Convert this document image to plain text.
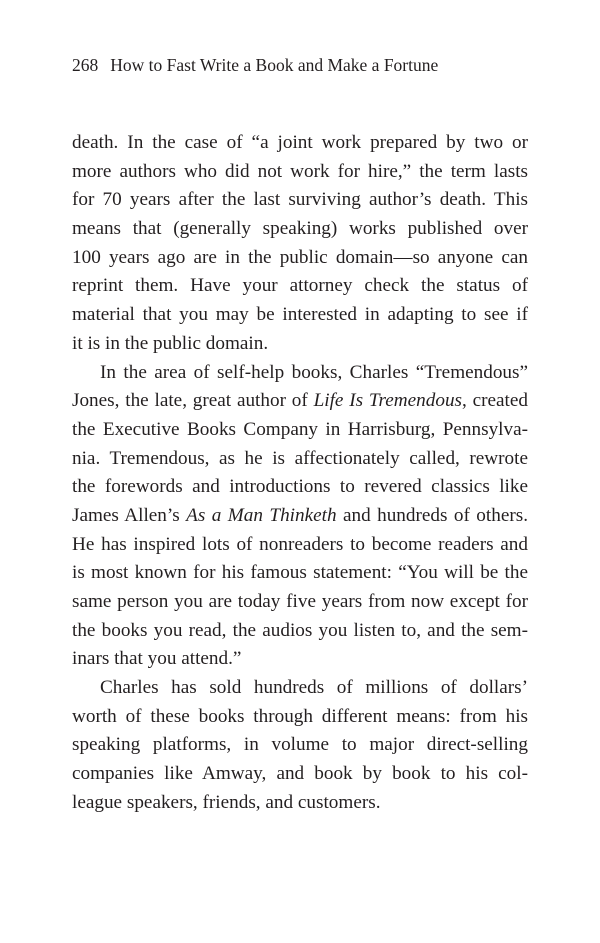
268 How to Fast Write a Book and Make a Fortune
death. In the case of “a joint work prepared by two or
more authors who did not work for hire,” the term lasts
for 70 years after the last surviving author’s death. This
means that (generally speaking) works published over
100 years ago are in the public domain—so anyone can
reprint them. Have your attorney check the status of
material that you may be interested in adapting to see if
it is in the public domain.
In the area of self-help books, Charles “Tremendous”
Jones, the late, great author of Life Is Tremendous, created
the Executive Books Company in Harrisburg, Pennsylva-
nia. Tremendous, as he is affectionately called, rewrote
the forewords and introductions to revered classics like
James Allen’s As a Man Thinketh and hundreds of others.
He has inspired lots of nonreaders to become readers and
is most known for his famous statement: “You will be the
same person you are today five years from now except for
the books you read, the audios you listen to, and the sem-
inars that you attend.”
Charles has sold hundreds of millions of dollars’
worth of these books through different means: from his
speaking platforms, in volume to major direct-selling
companies like Amway, and book by book to his col-
league speakers, friends, and customers.
